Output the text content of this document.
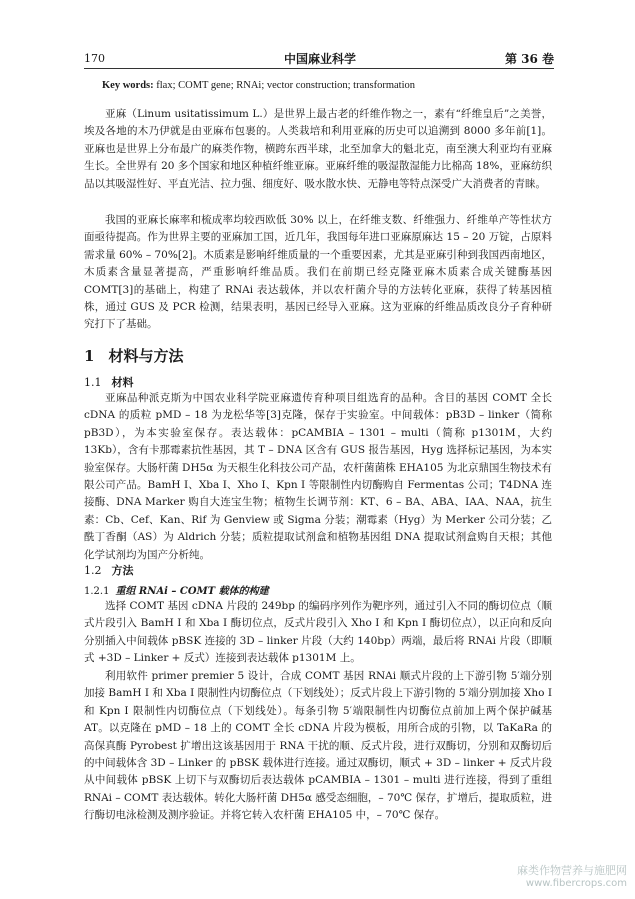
170	中国麻业科学	第 36 卷
Key words: flax; COMT gene; RNAi; vector construction; transformation

亚麻（Linum usitatissimum L.）是世界上最古老的纤维作物之一，素有“纤维皇后”之美誉，埃及各地的木乃伊就是由亚麻布包裹的。人类栽培和利用亚麻的历史可以追溯到 8000 多年前[1]。亚麻也是世界上分布最广的麻类作物，横跨东西半球，北至加拿大的魁北克，南至澳大利亚均有亚麻生长。全世界有 20 多个国家和地区种植纤维亚麻。亚麻纤维的吸湿散湿能力比棉高 18%，亚麻纺织品以其吸湿性好、平直光洁、拉力强、细度好、吸水散水快、无静电等特点深受广大消费者的青睐。

我国的亚麻长麻率和梳成率均较西欧低 30% 以上，在纤维支数、纤维强力、纤维单产等性状方面亟待提高。作为世界主要的亚麻加工国，近几年，我国每年进口亚麻原麻达 15 – 20 万锭，占原料需求量 60% – 70%[2]。木质素是影响纤维质量的一个重要因素，尤其是亚麻引种到我国西南地区，木质素含量显著提高，严重影响纤维品质。我们在前期已经克隆亚麻木质素合成关键酶基因 COMT[3]的基础上，构建了 RNAi 表达载体，并以农杆菌介导的方法转化亚麻，获得了转基因植株，通过 GUS 及 PCR 检测，结果表明，基因已经导入亚麻。这为亚麻的纤维品质改良分子育种研究打下了基础。

1 材料与方法
1.1 材料

亚麻品种派克斯为中国农业科学院亚麻遗传育种项目组选育的品种。含目的基因 COMT 全长 cDNA 的质粒 pMD – 18 为龙松华等[3]克隆，保存于实验室。中间载体：pB3D – linker（简称 pB3D），为本实验室保存。表达载体：pCAMBIA – 1301 – multi（简称 p1301M，大约 13Kb），含有卡那霉素抗性基因，其 T – DNA 区含有 GUS 报告基因，Hyg 选择标记基因，为本实验室保存。大肠杆菌 DH5α 为天根生化科技公司产品，农杆菌菌株 EHA105 为北京鼎国生物技术有限公司产品。BamH Ⅰ、Xba Ⅰ、Xho Ⅰ、Kpn Ⅰ 等限制性内切酶购自 Fermentas 公司；T4DNA 连接酶、DNA Marker 购自大连宝生物；植物生长调节剂：KT、6 – BA、ABA、IAA、NAA，抗生素：Cb、Cef、Kan、Rif 为 Genview 或 Sigma 分装；潮霉素（Hyg）为 Merker 公司分装；乙酰丁香酮（AS）为 Aldrich 分装；质粒提取试剂盒和植物基因组 DNA 提取试剂盒购自天根；其他化学试剂均为国产分析纯。

1.2 方法
1.2.1 重组 RNAi – COMT 载体的构建

选择 COMT 基因 cDNA 片段的 249bp 的编码序列作为靶序列，通过引入不同的酶切位点（顺式片段引入 BamH Ⅰ 和 Xba Ⅰ 酶切位点，反式片段引入 Xho Ⅰ 和 Kpn Ⅰ 酶切位点），以正向和反向分别插入中间载体 pBSK 连接的 3D – linker 片段（大约 140bp）两端，最后将 RNAi 片段（即顺式 +3D – Linker + 反式）连接到表达载体 p1301M 上。

利用软件 primer premier 5 设计，合成 COMT 基因 RNAi 顺式片段的上下游引物 5′端分别加接 BamH Ⅰ 和 Xba Ⅰ 限制性内切酶位点（下划线处）；反式片段上下游引物的 5′端分别加接 Xho Ⅰ 和 Kpn Ⅰ 限制性内切酶位点（下划线处）。每条引物 5′端限制性内切酶位点前加上两个保护碱基 AT。以克隆在 pMD – 18 上的 COMT 全长 cDNA 片段为模板，用所合成的引物，以 TaKaRa 的高保真酶 Pyrobest 扩增出这该基因用于 RNA 干扰的顺、反式片段，进行双酶切，分别和双酶切后的中间载体含 3D – Linker 的 pBSK 载体进行连接。通过双酶切，顺式 + 3D – linker + 反式片段从中间载体 pBSK 上切下与双酶切后表达载体 pCAMBIA – 1301 – multi 进行连接，得到了重组 RNAi – COMT 表达载体。转化大肠杆菌 DH5α 感受态细胞，– 70℃ 保存，扩增后，提取质粒，进行酶切电泳检测及测序验证。并将它转入农杆菌 EHA105 中，– 70℃ 保存。

麻类作物营养与施肥网
www.fibercrops.com
